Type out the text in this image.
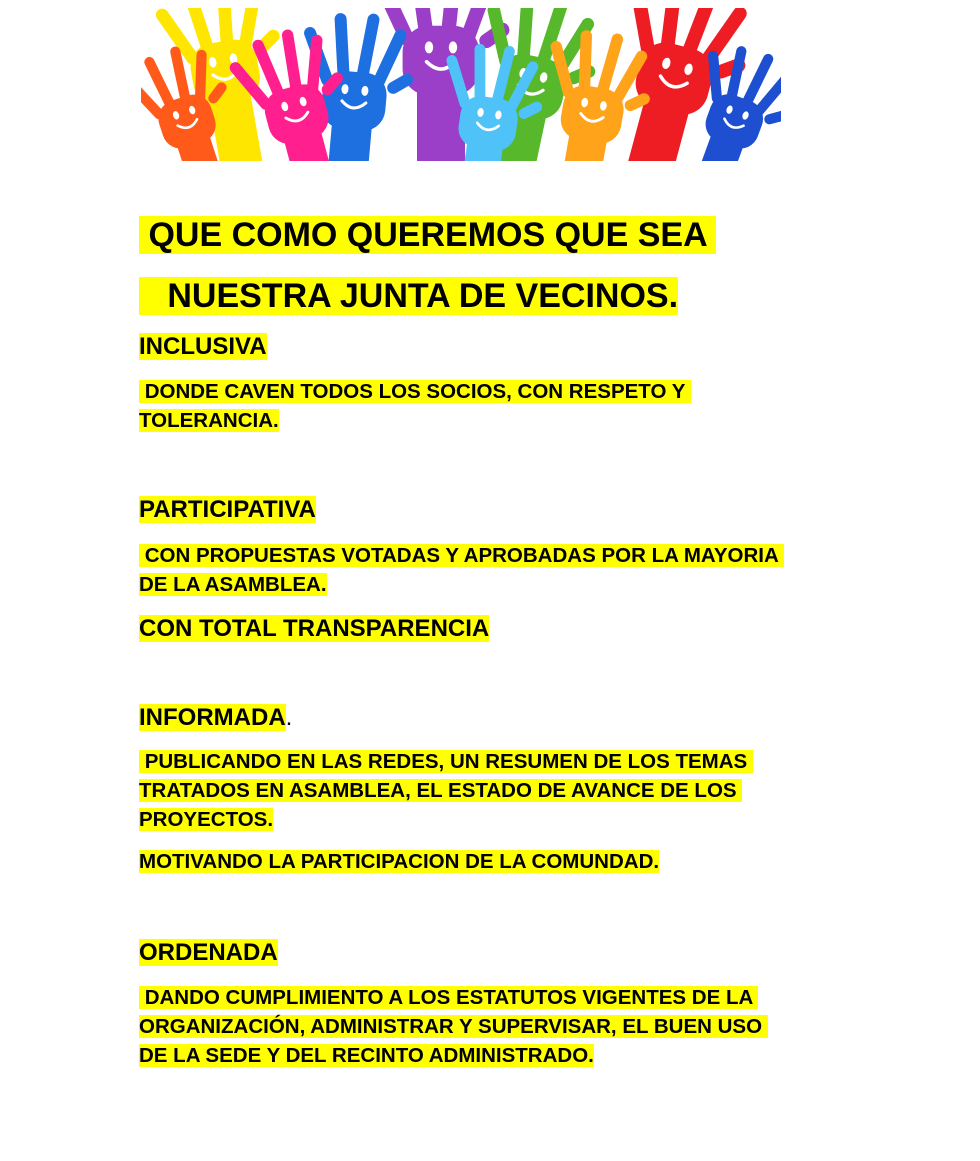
QUE COMO QUEREMOS QUE SEA

NUESTRA JUNTA DE VECINOS.

INCLUSIVA

DONDE CAVEN TODOS LOS SOCIOS, CON RESPETO Y
TOLERANCIA.

PARTICIPATIVA

CON PROPUESTAS VOTADAS Y APROBADAS POR LA MAYORIA
DE LA ASAMBLEA.

CON TOTAL TRANSPARENCIA

INFORMADA.

PUBLICANDO EN LAS REDES, UN RESUMEN DE LOS TEMAS
TRATADOS EN ASAMBLEA, EL ESTADO DE AVANCE DE LOS
PROYECTOS.

MOTIVANDO LA PARTICIPACION DE LA COMUNDAD.

ORDENADA

DANDO CUMPLIMIENTO A LOS ESTATUTOS VIGENTES DE LA
ORGANIZACIÓN, ADMINISTRAR Y SUPERVISAR, EL BUEN USO
DE LA SEDE Y DEL RECINTO ADMINISTRADO.
